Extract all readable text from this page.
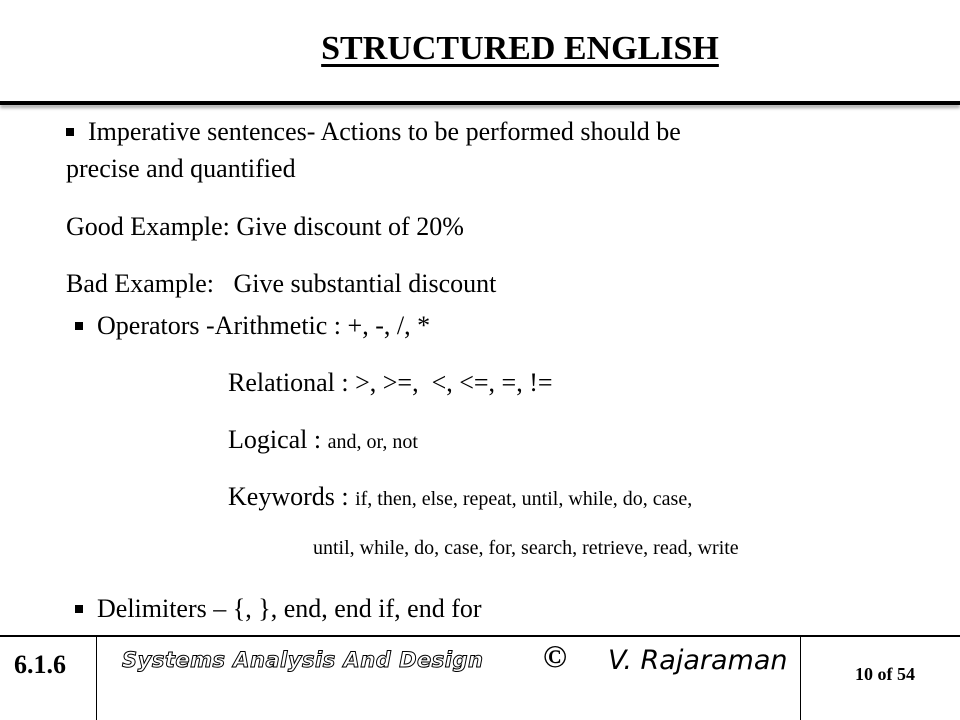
STRUCTURED ENGLISH
Imperative sentences- Actions to be performed should be
precise and quantified
Good Example: Give discount of 20%
Bad Example:   Give substantial discount
Operators -Arithmetic : +, -, /, *
Relational : >, >=,  <, <=, =, !=
Logical : and, or, not
Keywords : if, then, else, repeat, until, while, do, case,
until, while, do, case, for, search, retrieve, read, write
Delimiters – {, }, end, end if, end for
6.1.6	Systems Analysis And Design © V. Rajaraman	10 of 54
